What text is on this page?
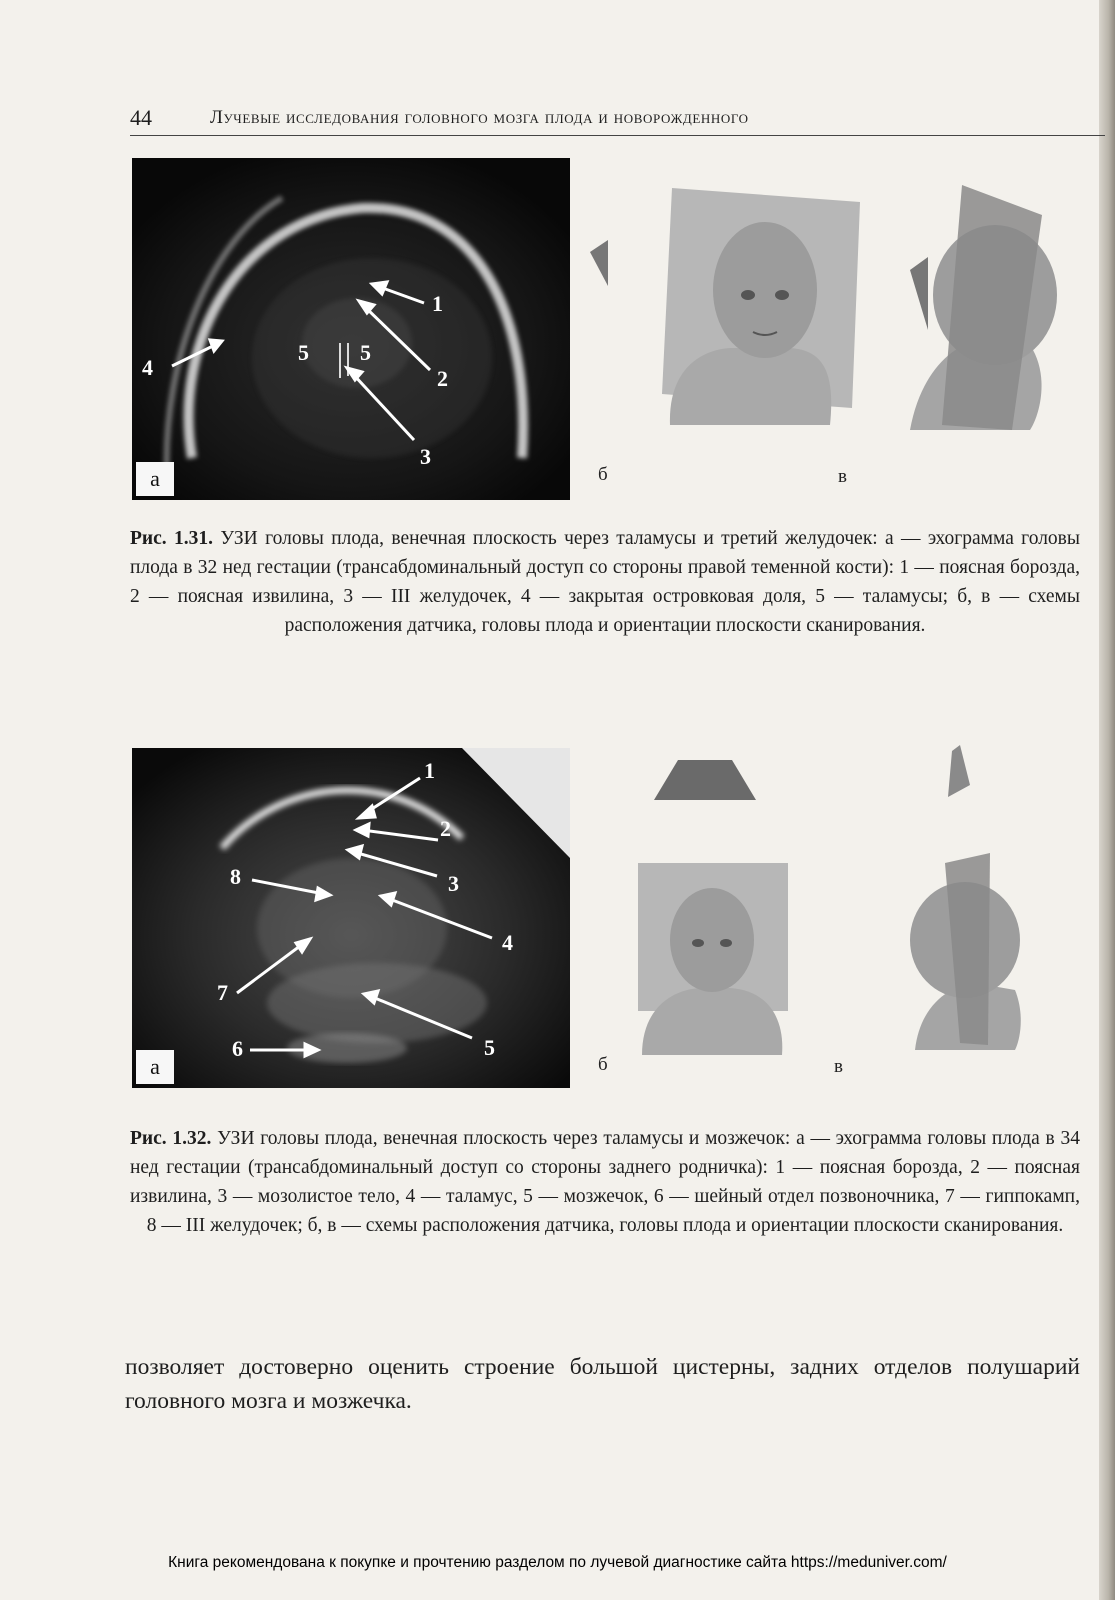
44	Лучевые исследования головного мозга плода и новорожденного
1
2
3
4
5 5
а	б	в
Рис. 1.31. УЗИ головы плода, венечная плоскость через таламусы и третий желудочек: а — эхограмма головы плода в 32 нед гестации (трансабдоминальный доступ со стороны правой теменной кости): 1 — поясная борозда, 2 — поясная извилина, 3 — III желудочек, 4 — закрытая островковая доля, 5 — таламусы; б, в — схемы расположения датчика, головы плода и ориентации плоскости сканирования.
1
2
3
4
5
6
7
8
а	б	в
Рис. 1.32. УЗИ головы плода, венечная плоскость через таламусы и мозжечок: а — эхограмма головы плода в 34 нед гестации (трансабдоминальный доступ со стороны заднего родничка): 1 — поясная борозда, 2 — поясная извилина, 3 — мозолистое тело, 4 — таламус, 5 — мозжечок, 6 — шейный отдел позвоночника, 7 — гиппокамп, 8 — III желудочек; б, в — схемы расположения датчика, головы плода и ориентации плоскости сканирования.
позволяет достоверно оценить строение большой цистерны, задних отделов полушарий головного мозга и мозжечка.
Книга рекомендована к покупке и прочтению разделом по лучевой диагностике сайта https://meduniver.com/
